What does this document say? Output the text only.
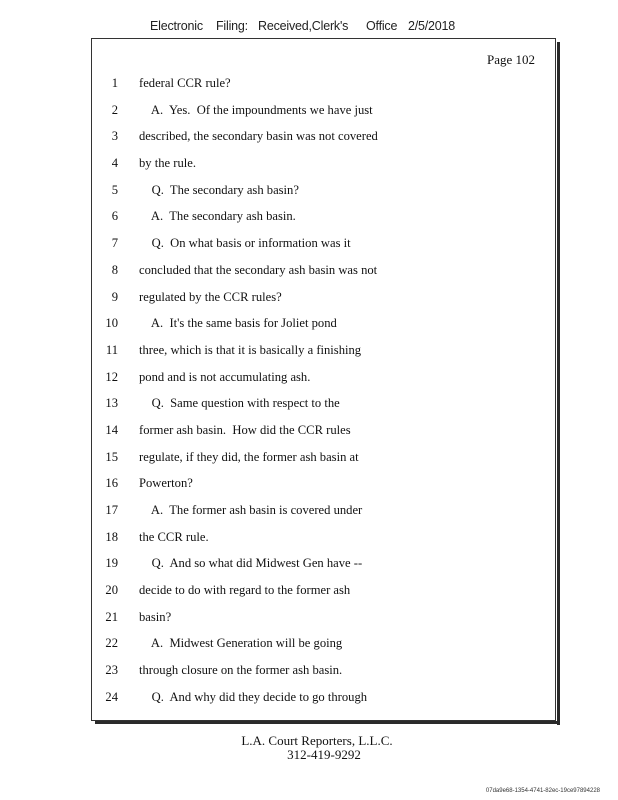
Electronic Filing: Received,Clerk's Office 2/5/2018
Page 102
1 federal CCR rule?
2 A.  Yes.  Of the impoundments we have just
3 described, the secondary basin was not covered
4 by the rule.
5 Q.  The secondary ash basin?
6 A.  The secondary ash basin.
7 Q.  On what basis or information was it
8 concluded that the secondary ash basin was not
9 regulated by the CCR rules?
10 A.  It's the same basis for Joliet pond
11 three, which is that it is basically a finishing
12 pond and is not accumulating ash.
13 Q.  Same question with respect to the
14 former ash basin.  How did the CCR rules
15 regulate, if they did, the former ash basin at
16 Powerton?
17 A.  The former ash basin is covered under
18 the CCR rule.
19 Q.  And so what did Midwest Gen have --
20 decide to do with regard to the former ash
21 basin?
22 A.  Midwest Generation will be going
23 through closure on the former ash basin.
24 Q.  And why did they decide to go through
L.A. Court Reporters, L.L.C.
312-419-9292
07da9e68-1354-4741-82ec-19ce97894228
